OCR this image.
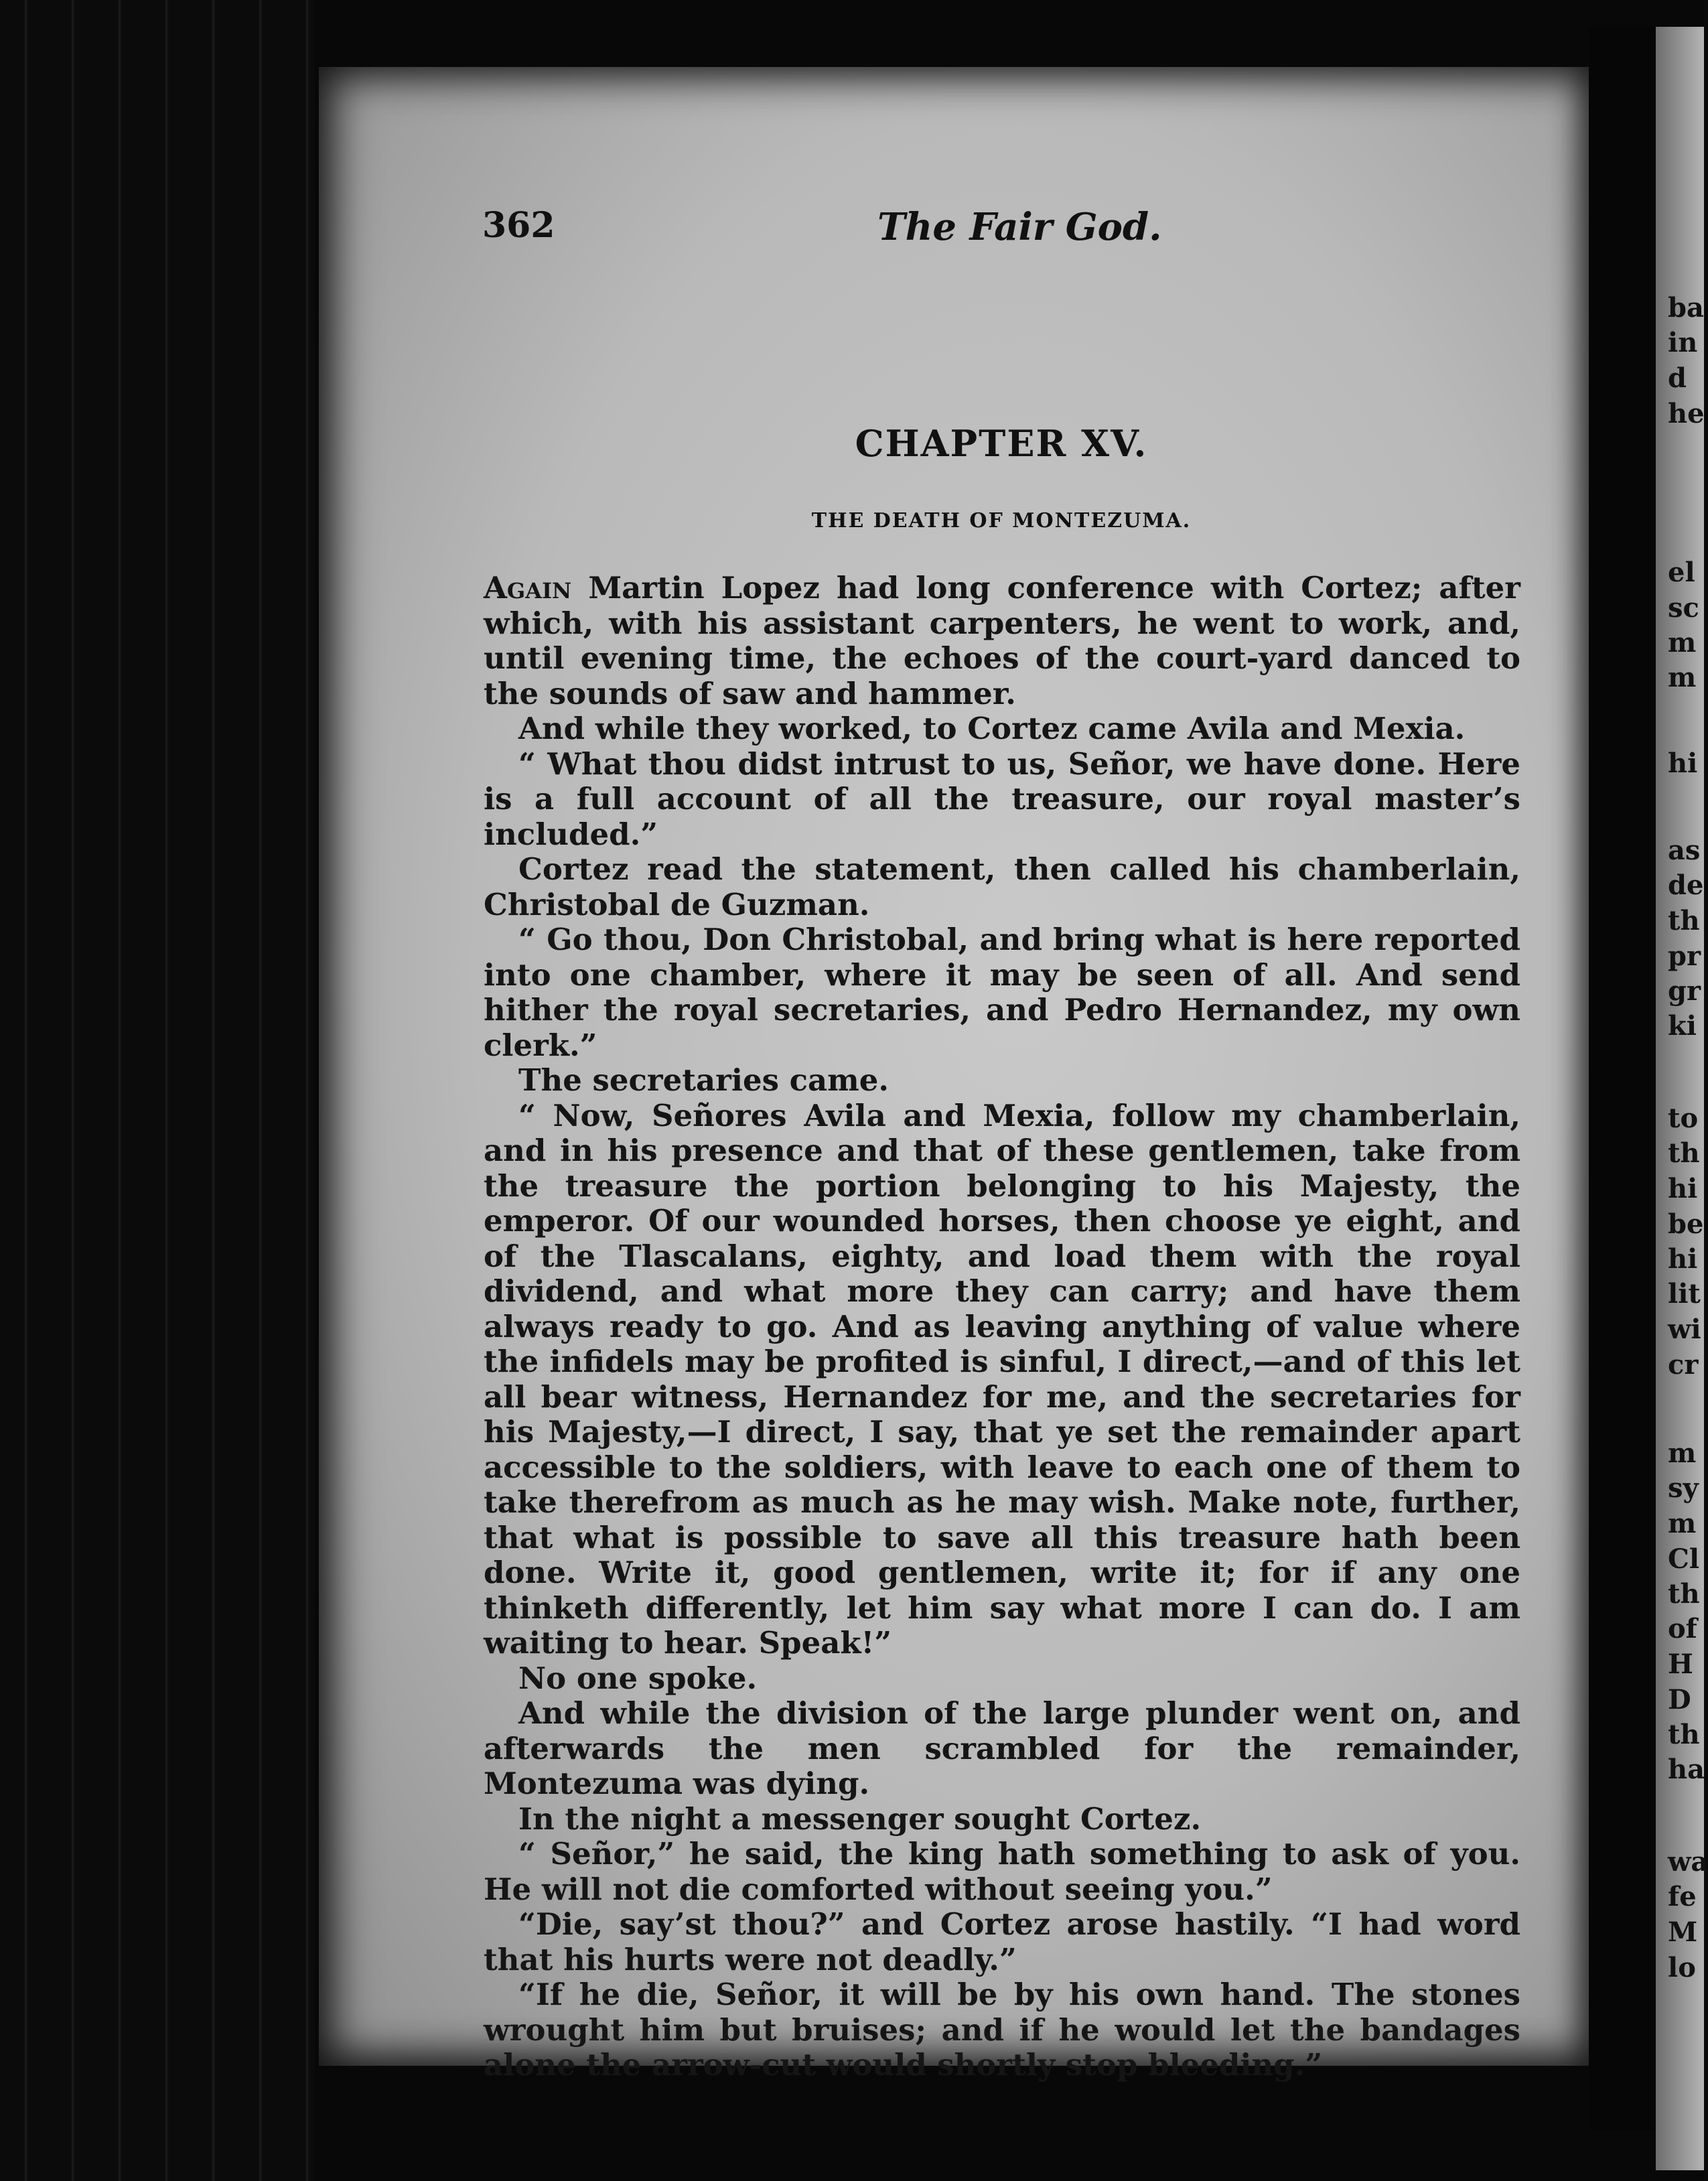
362	The Fair God.
CHAPTER XV.
THE DEATH OF MONTEZUMA.

Again Martin Lopez had long conference with Cortez; after which, with his assistant carpenters, he went to work, and, until evening time, the echoes of the court-yard danced to the sounds of saw and hammer.

And while they worked, to Cortez came Avila and Mexia.

“ What thou didst intrust to us, Señor, we have done. Here is a full account of all the treasure, our royal master’s included.”

Cortez read the statement, then called his chamberlain, Christobal de Guzman.

“ Go thou, Don Christobal, and bring what is here reported into one chamber, where it may be seen of all. And send hither the royal secretaries, and Pedro Hernandez, my own clerk.”

The secretaries came.

“ Now, Señores Avila and Mexia, follow my chamberlain, and in his presence and that of these gentlemen, take from the treasure the portion belonging to his Majesty, the emperor. Of our wounded horses, then choose ye eight, and of the Tlascalans, eighty, and load them with the royal dividend, and what more they can carry; and have them always ready to go. And as leaving anything of value where the infidels may be profited is sinful, I direct,—and of this let all bear witness, Hernandez for me, and the secretaries for his Majesty,—I direct, I say, that ye set the remainder apart accessible to the soldiers, with leave to each one of them to take therefrom as much as he may wish. Make note, further, that what is possible to save all this treasure hath been done. Write it, good gentlemen, write it; for if any one thinketh differently, let him say what more I can do. I am waiting to hear. Speak!”

No one spoke.

And while the division of the large plunder went on, and afterwards the men scrambled for the remainder, Montezuma was dying.

In the night a messenger sought Cortez.

“ Señor,” he said, the king hath something to ask of you. He will not die comforted without seeing you.”

“Die, say’st thou?” and Cortez arose hastily. “I had word that his hurts were not deadly.”

“If he die, Señor, it will be by his own hand. The stones wrought him but bruises; and if he would let the bandages alone the arrow-cut would shortly stop bleeding.”

ba
in
d
he
el
sc
m
m
hi
as
de
th
pr
gr
ki
to
th
hi
be
hi
lit
wi
cr
m
sy
m
Cl
th
of
H
D
th
ha
wa
fe
M
lo
